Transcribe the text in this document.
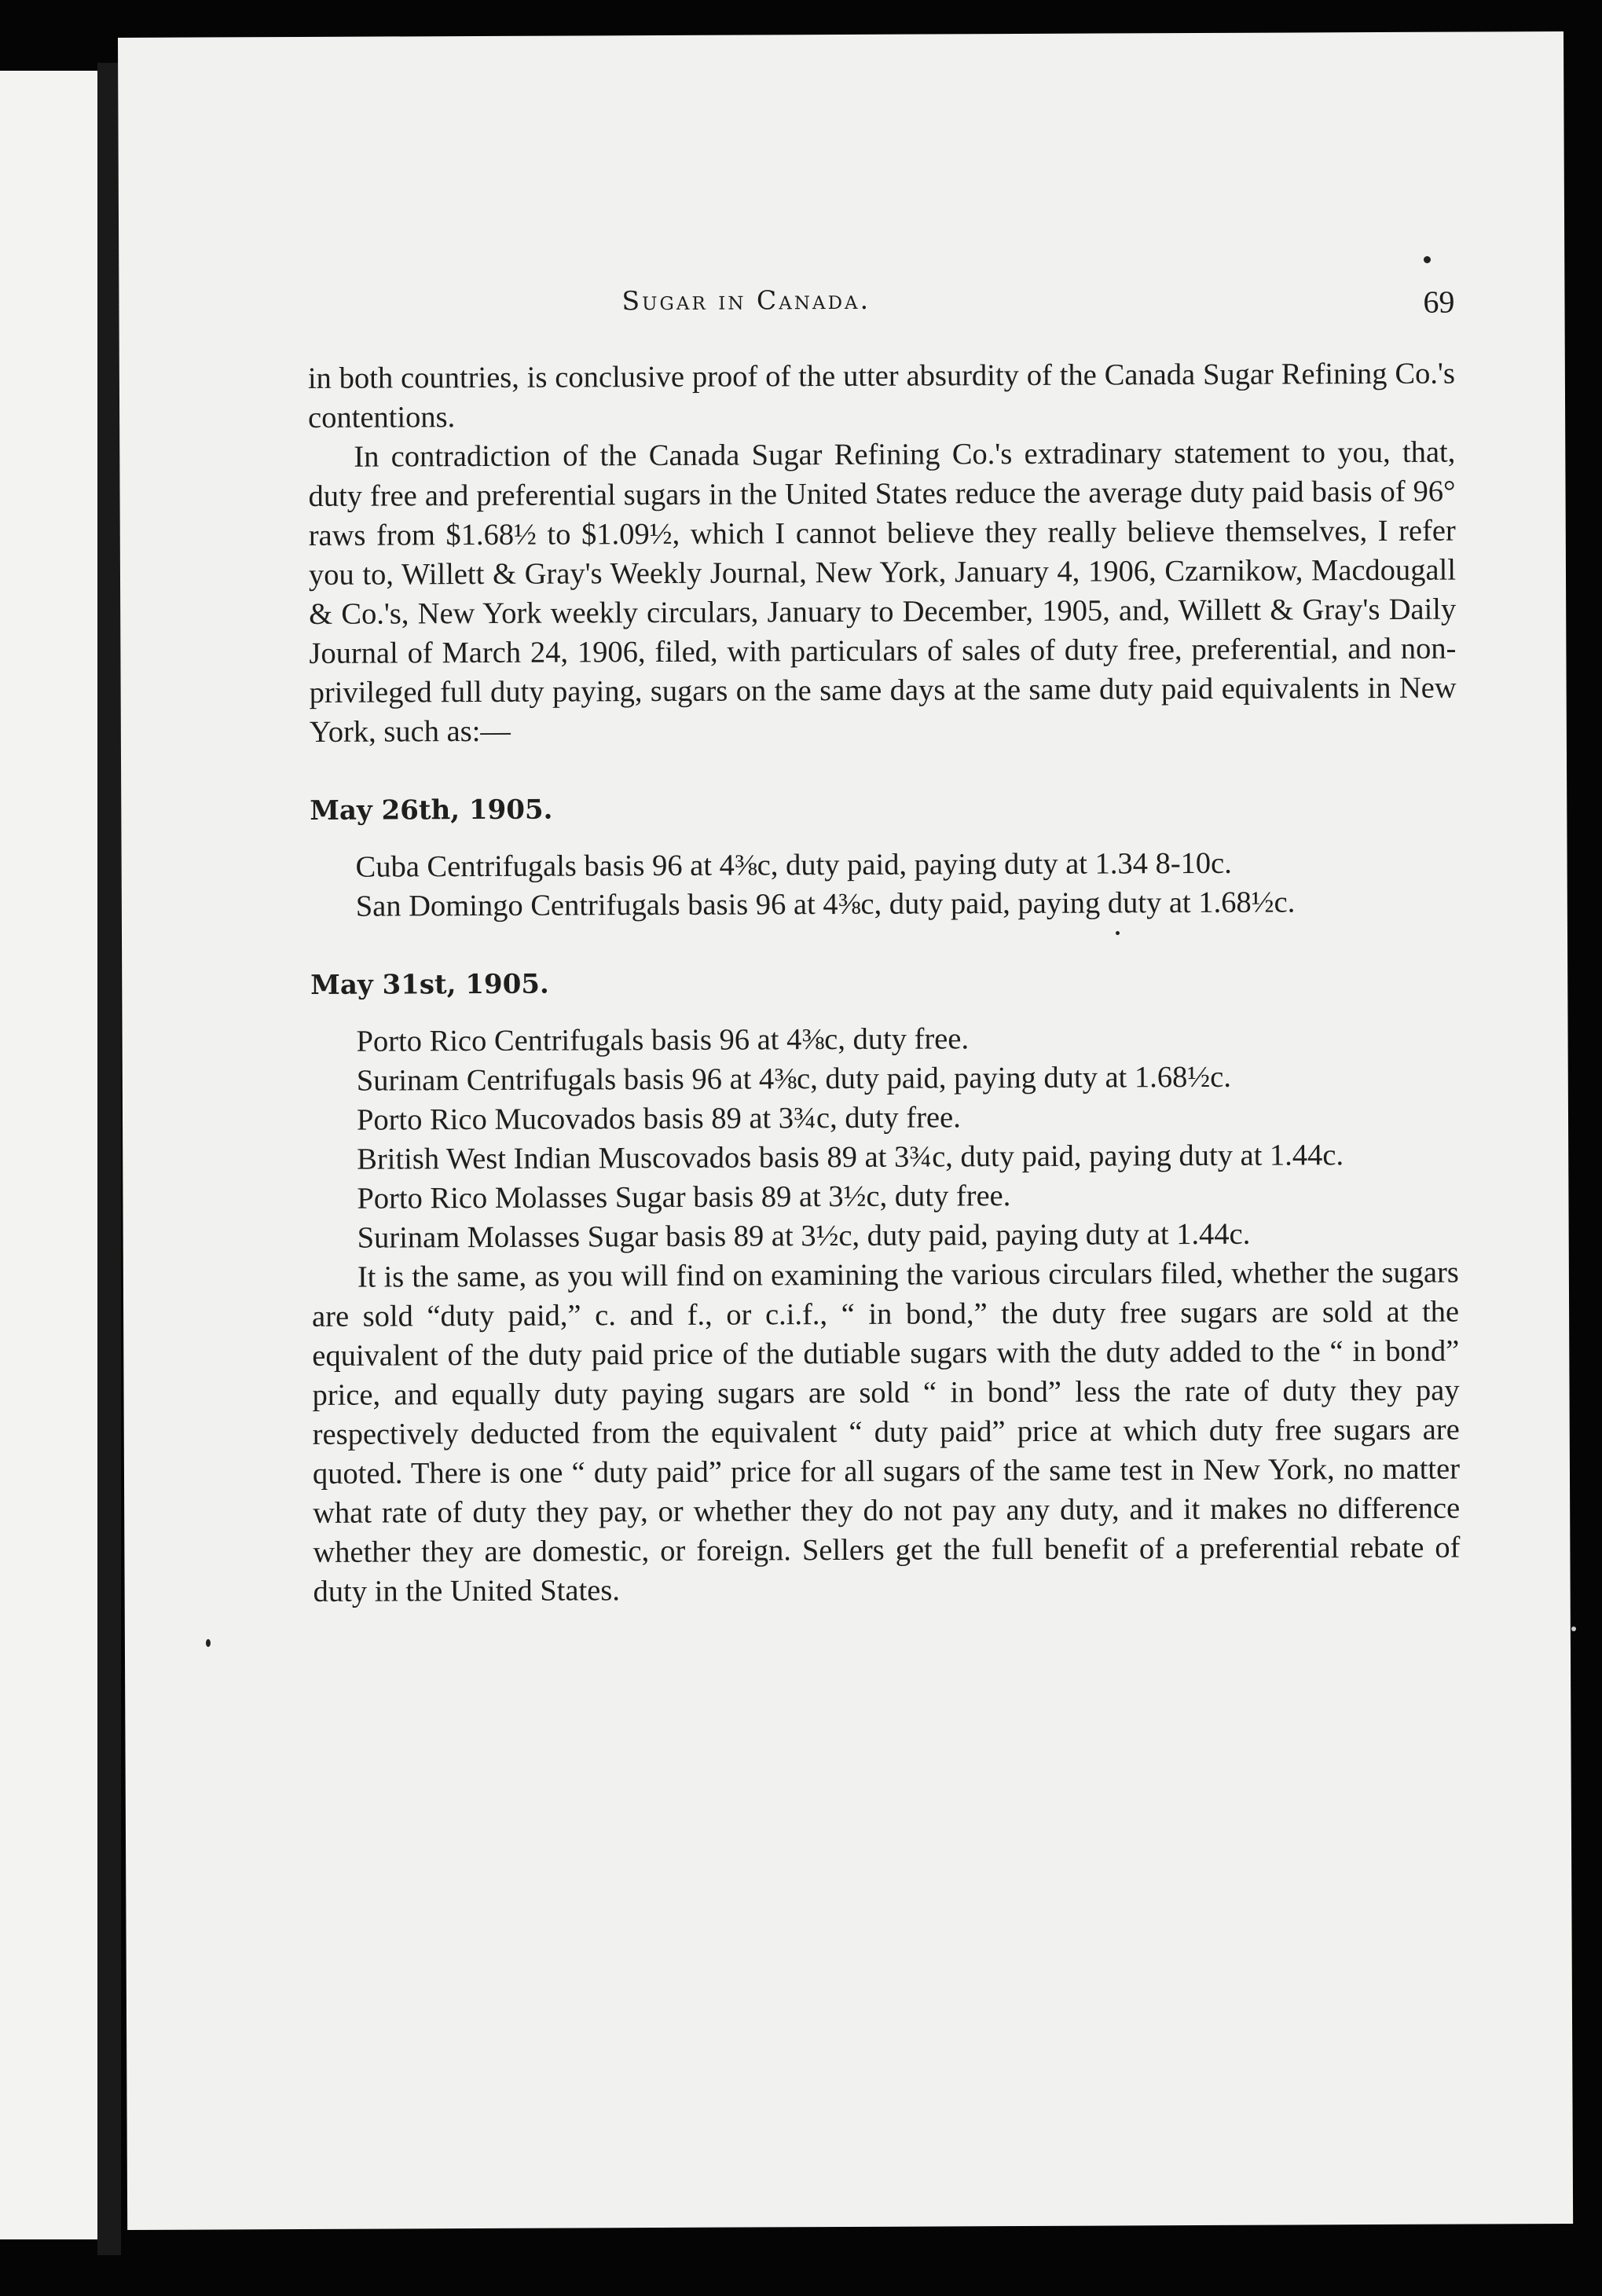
Sugar in Canada.	69

in both countries, is conclusive proof of the utter absurdity of the Canada Sugar Refining Co.'s contentions.

In contradiction of the Canada Sugar Refining Co.'s extradinary statement to you, that, duty free and preferential sugars in the United States reduce the average duty paid basis of 96° raws from $1.68½ to $1.09½, which I cannot believe they really believe themselves, I refer you to, Willett & Gray's Weekly Journal, New York, January 4, 1906, Czarnikow, Macdougall & Co.'s, New York weekly circulars, January to December, 1905, and, Willett & Gray's Daily Journal of March 24, 1906, filed, with particulars of sales of duty free, preferential, and non-privileged full duty paying, sugars on the same days at the same duty paid equivalents in New York, such as:—

May 26th, 1905.

Cuba Centrifugals basis 96 at 4⅜c, duty paid, paying duty at 1.34 8-10c.

San Domingo Centrifugals basis 96 at 4⅜c, duty paid, paying duty at 1.68½c.

May 31st, 1905.

Porto Rico Centrifugals basis 96 at 4⅜c, duty free.

Surinam Centrifugals basis 96 at 4⅜c, duty paid, paying duty at 1.68½c.

Porto Rico Mucovados basis 89 at 3¾c, duty free.

British West Indian Muscovados basis 89 at 3¾c, duty paid, paying duty at 1.44c.

Porto Rico Molasses Sugar basis 89 at 3½c, duty free.

Surinam Molasses Sugar basis 89 at 3½c, duty paid, paying duty at 1.44c.

It is the same, as you will find on examining the various circulars filed, whether the sugars are sold “duty paid,” c. and f., or c.i.f., “ in bond,” the duty free sugars are sold at the equivalent of the duty paid price of the dutiable sugars with the duty added to the “ in bond” price, and equally duty paying sugars are sold “ in bond” less the rate of duty they pay respectively deducted from the equivalent “ duty paid” price at which duty free sugars are quoted. There is one “ duty paid” price for all sugars of the same test in New York, no matter what rate of duty they pay, or whether they do not pay any duty, and it makes no difference whether they are domestic, or foreign. Sellers get the full benefit of a preferential rebate of duty in the United States.
